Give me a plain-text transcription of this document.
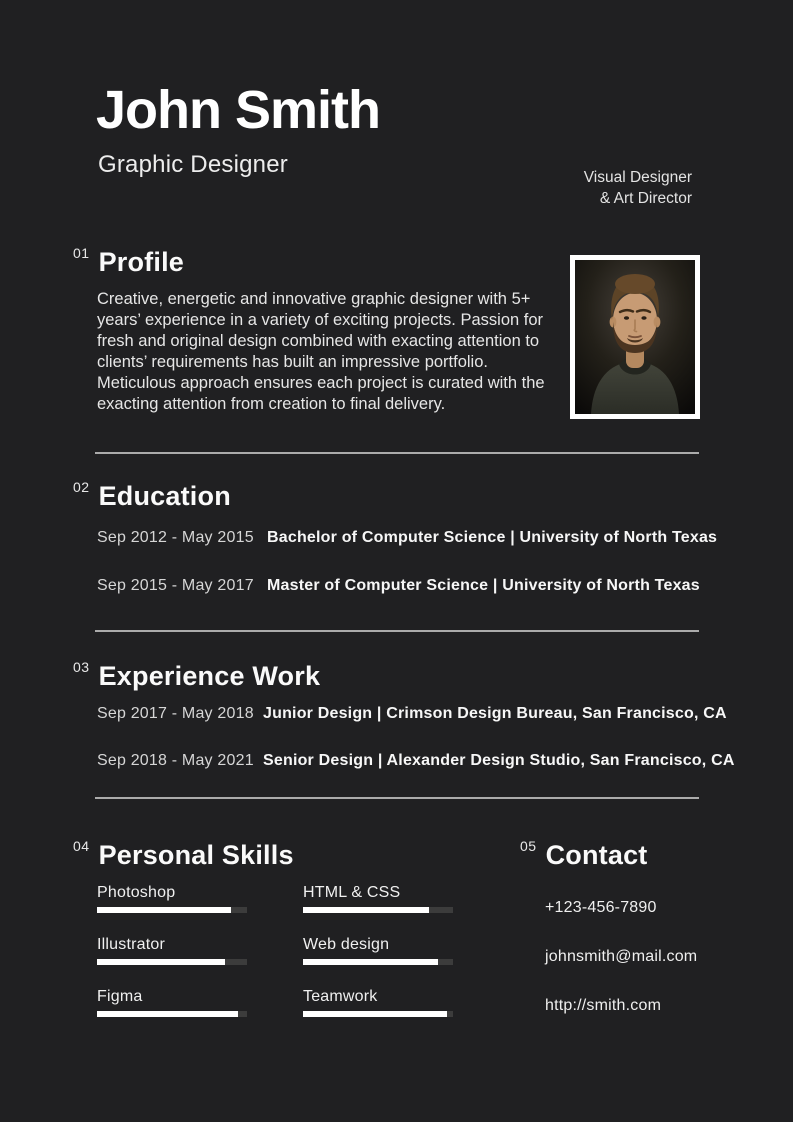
John Smith
Graphic Designer	Visual Designer
& Art Director
01 Profile
Creative, energetic and innovative graphic designer with 5+ years’ experience in a variety of exciting projects. Passion for fresh and original design combined with exacting attention to clients’ requirements has built an impressive portfolio. Meticulous approach ensures each project is curated with the exacting attention from creation to final delivery.
02 Education
Sep 2012 - May 2015 Bachelor of Computer Science | University of North Texas
Sep 2015 - May 2017 Master of Computer Science | University of North Texas
03 Experience Work
Sep 2017 - May 2018 Junior Design | Crimson Design Bureau, San Francisco, CA
Sep 2018 - May 2021 Senior Design | Alexander Design Studio, San Francisco, CA
04 Personal Skills
Photoshop	HTML & CSS
Illustrator	Web design
Figma	Teamwork
05 Contact
+123-456-7890
johnsmith@mail.com
http://smith.com
